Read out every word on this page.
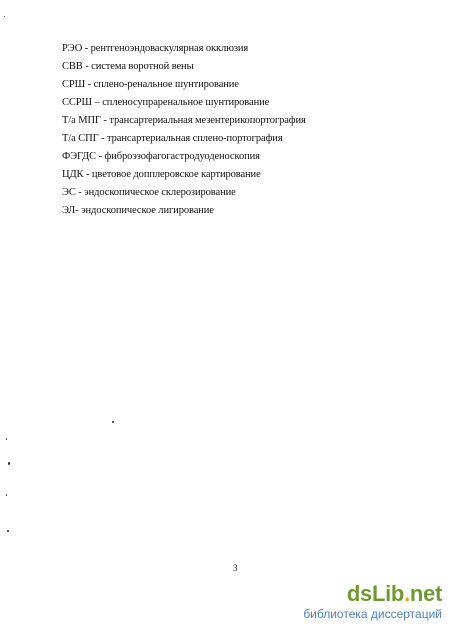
РЭО - рентгеноэндоваскулярная окклюзия
СВВ - система воротной вены
СРШ - сплено-ренальное шунтирование
ССРШ – спленосупраренальное шунтирование
Т/а МПГ - трансартериальная мезентерикопортография
Т/а СПГ - трансартериальная сплено-портография
ФЭГДС - фиброэзофагогастродуоденоскопия
ЦДК - цветовое допплеровское картирование
ЭС - эндоскопическое склерозирование
ЭЛ- эндоскопическое лигирование
3
dsLib.net
библиотека диссертаций
